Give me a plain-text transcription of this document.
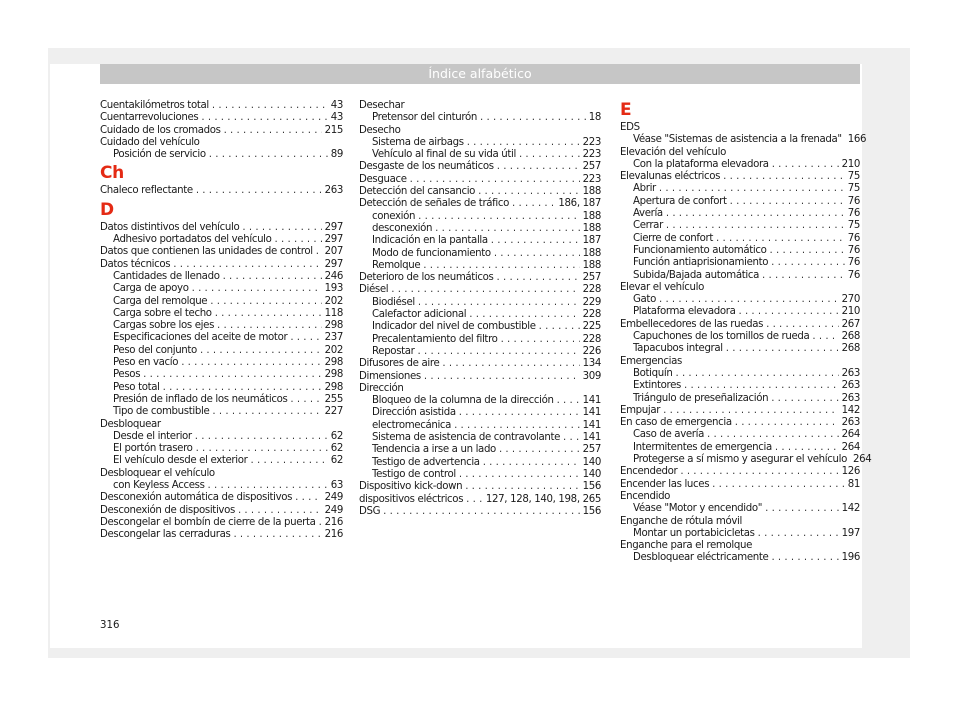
Índice alfabético
Cuentakilómetros total . . .	43
Cuentarrevoluciones . . .	43
Cuidado de los cromados . . .	215
Cuidado del vehículo
Posición de servicio . . .	89
Ch
Chaleco reflectante . . .	263
D
Datos distintivos del vehículo . . .	297
Adhesivo portadatos del vehículo . . .	297
Datos que contienen las unidades de control . . . 207
Datos técnicos . . .	297
Cantidades de llenado . . .	246
Carga de apoyo . . .	193
Carga del remolque . . .	202
Carga sobre el techo . . .	118
Cargas sobre los ejes . . .	298
Especificaciones del aceite de motor . . .	237
Peso del conjunto . . .	202
Peso en vacío . . .	298
Pesos . . .	298
Peso total . . .	298
Presión de inflado de los neumáticos . . .	255
Tipo de combustible . . .	227
Desbloquear
Desde el interior . . .	62
El portón trasero . . .	62
El vehículo desde el exterior . . .	62
Desbloquear el vehículo
con Keyless Access . . .	63
Desconexión automática de dispositivos . . .	249
Desconexión de dispositivos . . .	249
Descongelar el bombín de cierre de la puerta . . . 216
Descongelar las cerraduras . . .	216
Desechar
Pretensor del cinturón . . .	18
Desecho
Sistema de airbags . . .	223
Vehículo al final de su vida útil . . .	223
Desgaste de los neumáticos . . .	257
Desguace . . .	223
Detección del cansancio . . .	188
Detección de señales de tráfico . . .	186, 187
conexión . . .	188
desconexión . . .	188
Indicación en la pantalla . . .	187
Modo de funcionamiento . . .	188
Remolque . . .	188
Deterioro de los neumáticos . . .	257
Diésel . . .	228
Biodiésel . . .	229
Calefactor adicional . . .	228
Indicador del nivel de combustible . . .	225
Precalentamiento del filtro . . .	228
Repostar . . .	226
Difusores de aire . . .	134
Dimensiones . . .	309
Dirección
Bloqueo de la columna de la dirección . . .	141
Dirección asistida . . .	141
electromecánica . . .	141
Sistema de asistencia de contravolante . . . 141
Tendencia a irse a un lado . . .	257
Testigo de advertencia . . .	140
Testigo de control . . .	140
Dispositivo kick-down . . .	156
dispositivos eléctricos . . . 127, 128, 140, 198, 265
DSG . . .	156
E
EDS
Véase "Sistemas de asistencia a la frenada" 166
Elevación del vehículo
Con la plataforma elevadora . . .	210
Elevalunas eléctricos . . .	75
Abrir . . .	75
Apertura de confort . . .	76
Avería . . .	76
Cerrar . . .	75
Cierre de confort . . .	76
Funcionamiento automático . . .	76
Función antiaprisionamiento . . .	76
Subida/Bajada automática . . .	76
Elevar el vehículo
Gato . . .	270
Plataforma elevadora . . .	210
Embellecedores de las ruedas . . .	267
Capuchones de los tornillos de rueda . . .	268
Tapacubos integral . . .	268
Emergencias
Botiquín . . .	263
Extintores . . .	263
Triángulo de preseñalización . . .	263
Empujar . . .	142
En caso de emergencia . . .	263
Caso de avería . . .	264
Intermitentes de emergencia . . .	264
Protegerse a sí mismo y asegurar el vehículo 264
Encendedor . . .	126
Encender las luces . . .	81
Encendido
Véase "Motor y encendido" . . .	142
Enganche de rótula móvil
Montar un portabicicletas . . .	197
Enganche para el remolque
Desbloquear eléctricamente . . .	196
316
